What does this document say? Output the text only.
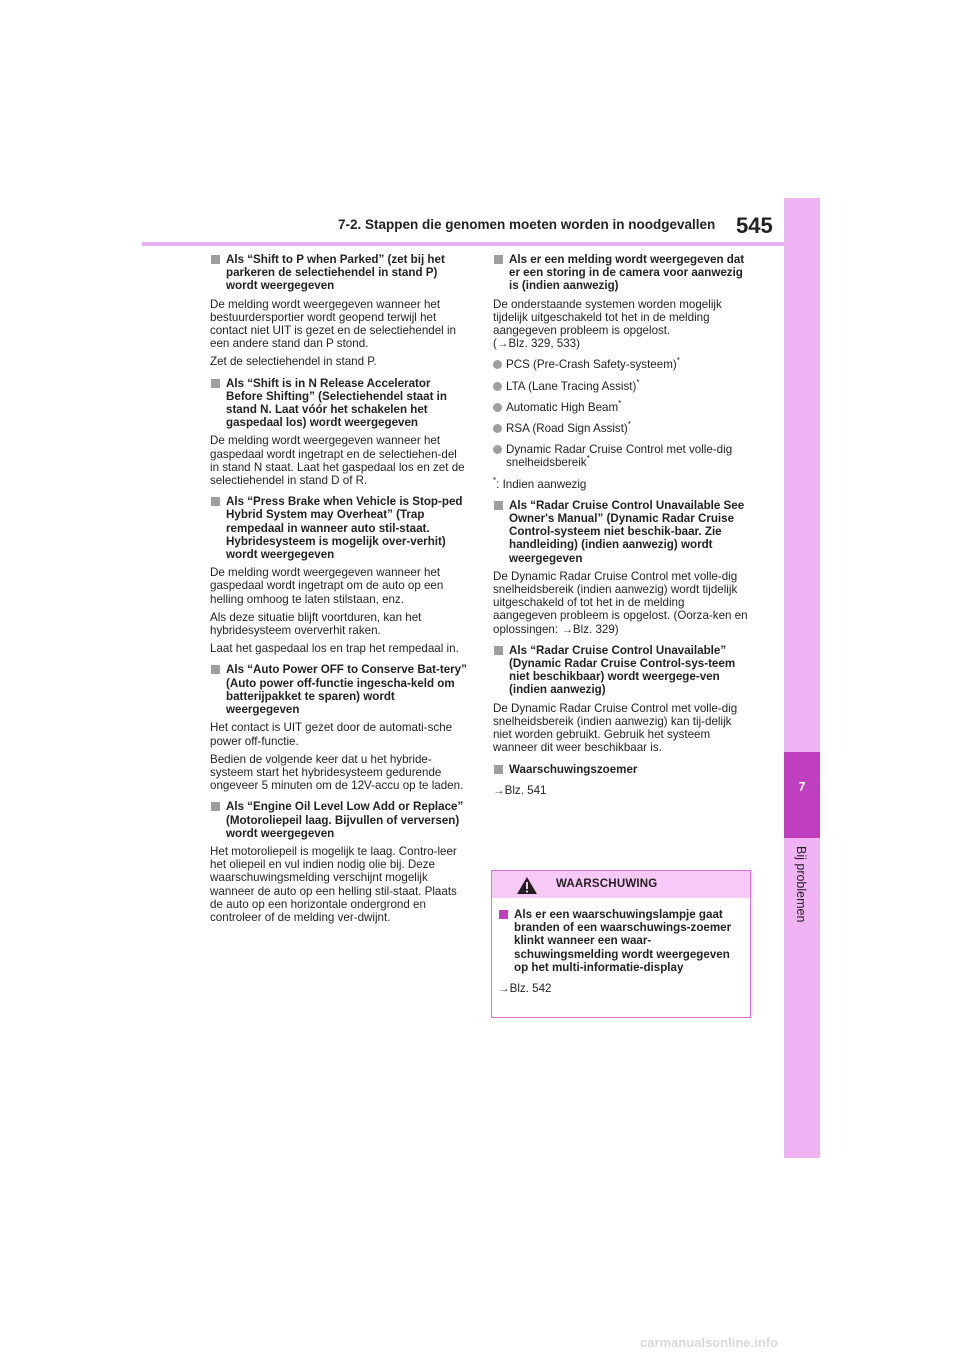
7-2. Stappen die genomen moeten worden in noodgevallen 545
7
Bij problemen
Als “Shift to P when Parked” (zet bij het parkeren de selectiehendel in stand P) wordt weergegeven
De melding wordt weergegeven wanneer het bestuurdersportier wordt geopend terwijl het contact niet UIT is gezet en de selectiehendel in een andere stand dan P stond.
Zet de selectiehendel in stand P.
Als “Shift is in N Release Accelerator Before Shifting” (Selectiehendel staat in stand N. Laat vóór het schakelen het gaspedaal los) wordt weergegeven
De melding wordt weergegeven wanneer het gaspedaal wordt ingetrapt en de selectiehen-del in stand N staat. Laat het gaspedaal los en zet de selectiehendel in stand D of R.
Als “Press Brake when Vehicle is Stop-ped Hybrid System may Overheat” (Trap rempedaal in wanneer auto stil-staat. Hybridesysteem is mogelijk over-verhit) wordt weergegeven
De melding wordt weergegeven wanneer het gaspedaal wordt ingetrapt om de auto op een helling omhoog te laten stilstaan, enz.
Als deze situatie blijft voortduren, kan het hybridesysteem oververhit raken.
Laat het gaspedaal los en trap het rempedaal in.
Als “Auto Power OFF to Conserve Bat-tery” (Auto power off-functie ingescha-keld om batterijpakket te sparen) wordt weergegeven
Het contact is UIT gezet door de automati-sche power off-functie.
Bedien de volgende keer dat u het hybride-systeem start het hybridesysteem gedurende ongeveer 5 minuten om de 12V-accu op te laden.
Als “Engine Oil Level Low Add or Replace” (Motoroliepeil laag. Bijvullen of verversen) wordt weergegeven
Het motoroliepeil is mogelijk te laag. Contro-leer het oliepeil en vul indien nodig olie bij. Deze waarschuwingsmelding verschijnt mogelijk wanneer de auto op een helling stil-staat. Plaats de auto op een horizontale ondergrond en controleer of de melding ver-dwijnt.
Als er een melding wordt weergegeven dat er een storing in de camera voor aanwezig is (indien aanwezig)
De onderstaande systemen worden mogelijk tijdelijk uitgeschakeld tot het in de melding aangegeven probleem is opgelost.
(→Blz. 329, 533)
PCS (Pre-Crash Safety-systeem)*
LTA (Lane Tracing Assist)*
Automatic High Beam*
RSA (Road Sign Assist)*
Dynamic Radar Cruise Control met volle-dig snelheidsbereik*
*: Indien aanwezig
Als “Radar Cruise Control Unavailable See Owner's Manual” (Dynamic Radar Cruise Control-systeem niet beschik-baar. Zie handleiding) (indien aanwezig) wordt weergegeven
De Dynamic Radar Cruise Control met volle-dig snelheidsbereik (indien aanwezig) wordt tijdelijk uitgeschakeld of tot het in de melding aangegeven probleem is opgelost. (Oorza-ken en oplossingen: →Blz. 329)
Als “Radar Cruise Control Unavailable” (Dynamic Radar Cruise Control-sys-teem niet beschikbaar) wordt weergege-ven (indien aanwezig)
De Dynamic Radar Cruise Control met volle-dig snelheidsbereik (indien aanwezig) kan tij-delijk niet worden gebruikt. Gebruik het systeem wanneer dit weer beschikbaar is.
Waarschuwingszoemer
→Blz. 541
WAARSCHUWING
Als er een waarschuwingslampje gaat branden of een waarschuwings-zoemer klinkt wanneer een waar-schuwingsmelding wordt weergegeven op het multi-informatie-display
→Blz. 542
carmanualsonline.info
